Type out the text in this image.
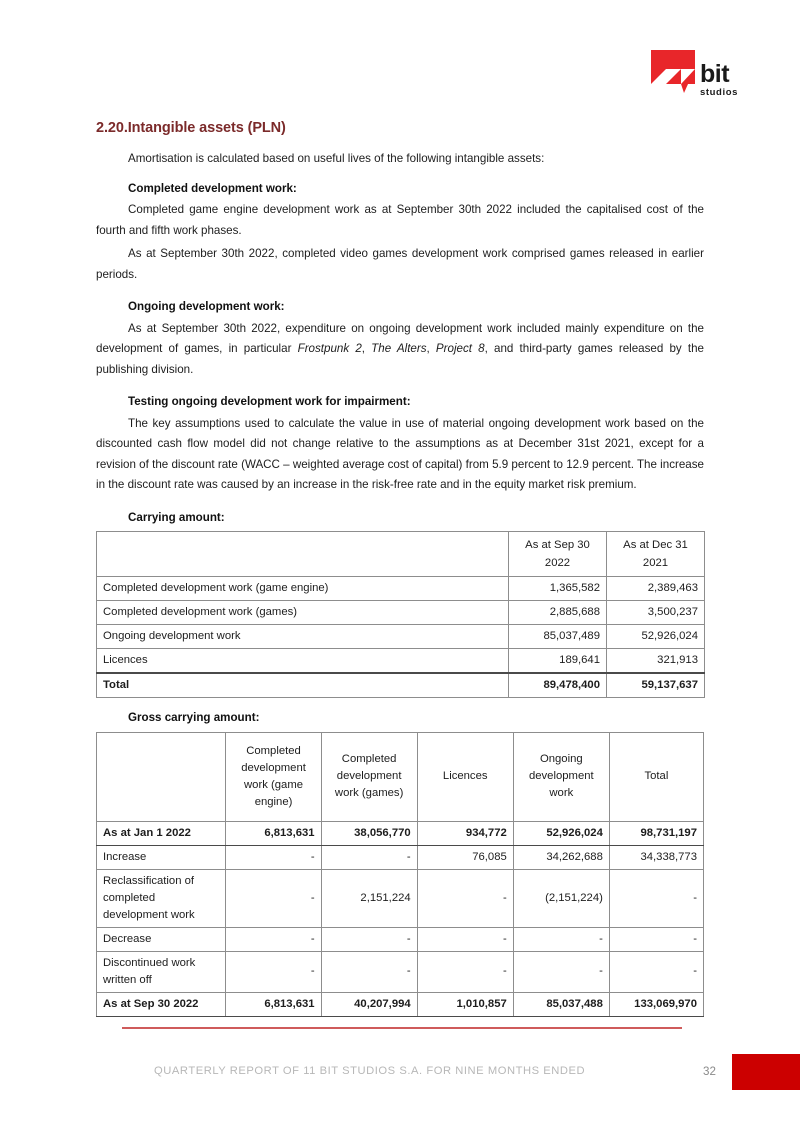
bit
studios
2.20.Intangible assets (PLN)

Amortisation is calculated based on useful lives of the following intangible assets:

Completed development work:

Completed game engine development work as at September 30th 2022 included the capitalised cost of the fourth and fifth work phases.

As at September 30th 2022, completed video games development work comprised games released in earlier periods.

Ongoing development work:

As at September 30th 2022, expenditure on ongoing development work included mainly expenditure on the development of games, in particular Frostpunk 2, The Alters, Project 8, and third-party games released by the publishing division.

Testing ongoing development work for impairment:

The key assumptions used to calculate the value in use of material ongoing development work based on the discounted cash flow model did not change relative to the assumptions as at December 31st 2021, except for a revision of the discount rate (WACC – weighted average cost of capital) from 5.9 percent to 12.9 percent. The increase in the discount rate was caused by an increase in the risk-free rate and in the equity market risk premium.

Carrying amount:

	As at Sep 30
2022	As at Dec 31
2021
Completed development work (game engine)	1,365,582	2,389,463
Completed development work (games)	2,885,688	3,500,237
Ongoing development work	85,037,489	52,926,024
Licences	189,641	321,913
Total	89,478,400	59,137,637

Gross carrying amount:

	Completed
development
work (game
engine)	Completed
development
work (games)	Licences	Ongoing
development
work	Total
As at Jan 1 2022	6,813,631	38,056,770	934,772	52,926,024	98,731,197
Increase	-	-	76,085	34,262,688	34,338,773
Reclassification of
completed
development work	-	2,151,224	-	(2,151,224)	-
Decrease	-	-	-	-	-
Discontinued work
written off	-	-	-	-	-
As at Sep 30 2022	6,813,631	40,207,994	1,010,857	85,037,488	133,069,970
QUARTERLY REPORT OF 11 BIT STUDIOS S.A. FOR NINE MONTHS ENDED	32
